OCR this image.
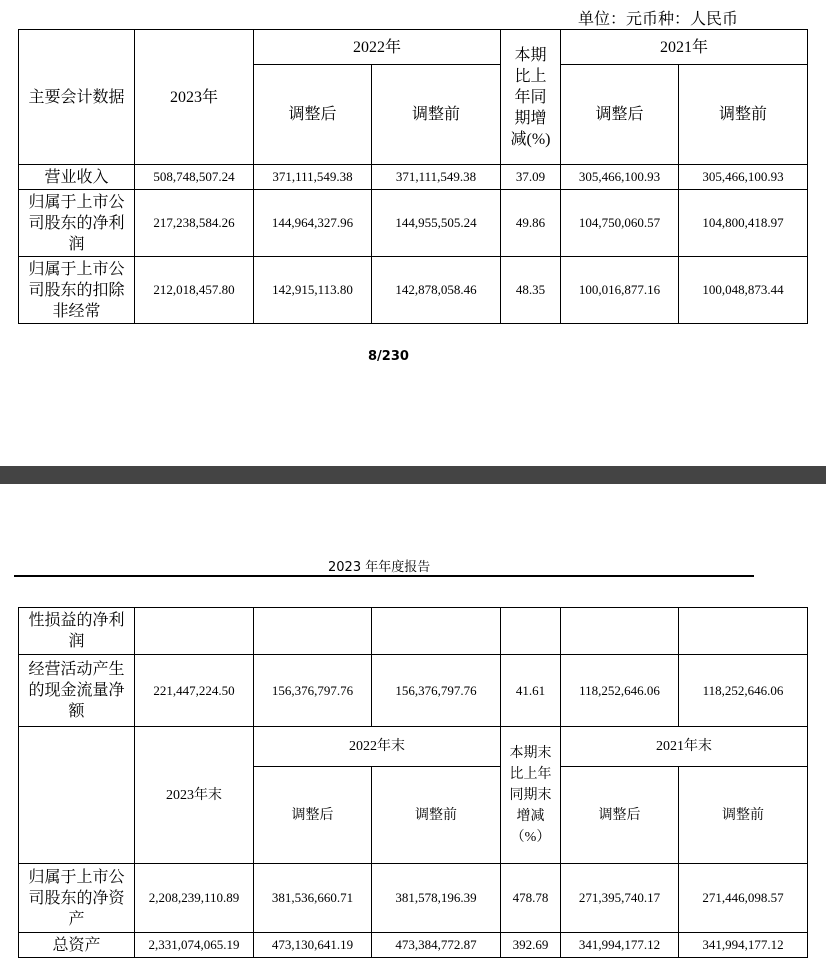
单位：元币种：人民币
主要会计数据	2023年	2022年		本期比上年同期增减(%)	2021年	
		调整后	调整前		调整后	调整前
营业收入	508,748,507.24	371,111,549.38	371,111,549.38	37.09	305,466,100.93	305,466,100.93
归属于上市公司股东的净利润	217,238,584.26	144,964,327.96	144,955,505.24	49.86	104,750,060.57	104,800,418.97
归属于上市公司股东的扣除非经常	212,018,457.80	142,915,113.80	142,878,058.46	48.35	100,016,877.16	100,048,873.44
8/230
2023 年年度报告
性损益的净利润						
经营活动产生的现金流量净额	221,447,224.50	156,376,797.76	156,376,797.76	41.61	118,252,646.06	118,252,646.06
	2023年末	2022年末		本期末比上年同期末增减（%）	2021年末	
		调整后	调整前		调整后	调整前
归属于上市公司股东的净资产	2,208,239,110.89	381,536,660.71	381,578,196.39	478.78	271,395,740.17	271,446,098.57
总资产	2,331,074,065.19	473,130,641.19	473,384,772.87	392.69	341,994,177.12	341,994,177.12
